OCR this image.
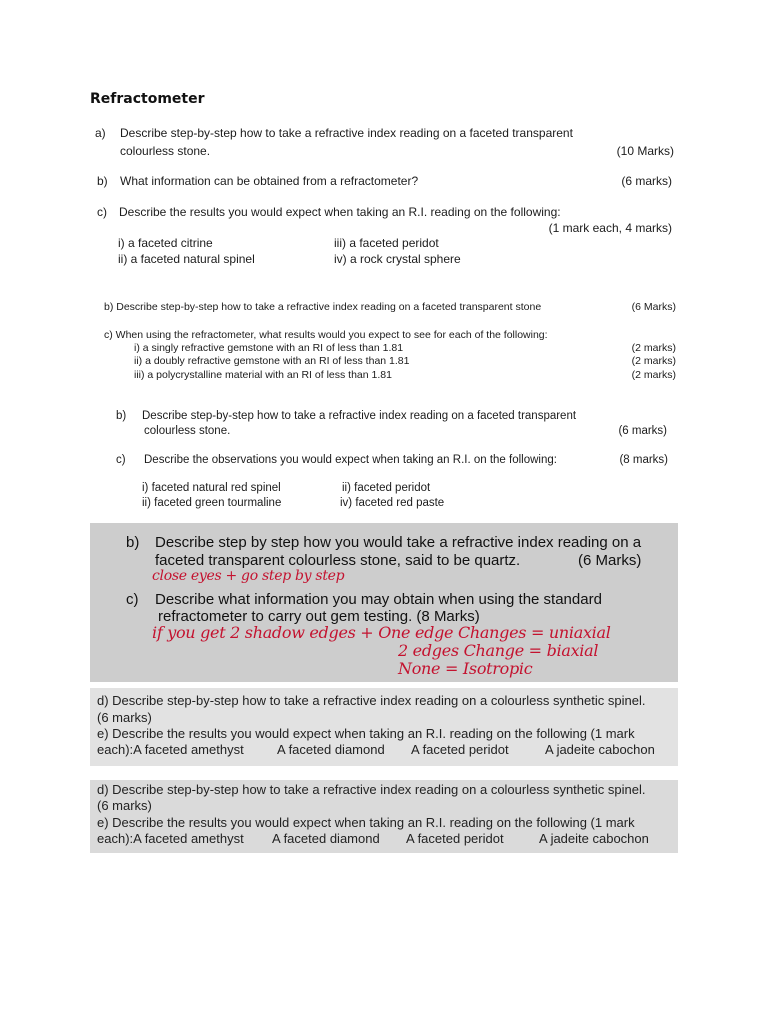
Refractometer
a) Describe step-by-step how to take a refractive index reading on a faceted transparent
colourless stone.	(10 Marks)
b) What information can be obtained from a refractometer?	(6 marks)
c) Describe the results you would expect when taking an R.I. reading on the following:
(1 mark each, 4 marks)
i) a faceted citrine
ii) a faceted natural spinel
iii) a faceted peridot
iv) a rock crystal sphere
b) Describe step-by-step how to take a refractive index reading on a faceted transparent stone	(6 Marks)
c) When using the refractometer, what results would you expect to see for each of the following:
i) a singly refractive gemstone with an RI of less than 1.81	(2 marks)
ii) a doubly refractive gemstone with an RI of less than 1.81	(2 marks)
iii) a polycrystalline material with an RI of less than 1.81	(2 marks)
b) Describe step-by-step how to take a refractive index reading on a faceted transparent
colourless stone.	(6 marks)
c) Describe the observations you would expect when taking an R.I. on the following:	(8 marks)
i) faceted natural red spinel
ii) faceted green tourmaline
ii) faceted peridot
iv) faceted red paste
b) Describe step by step how you would take a refractive index reading on a
faceted transparent colourless stone, said to be quartz.	(6 Marks)
close eyes + go step by step
c) Describe what information you may obtain when using the standard
refractometer to carry out gem testing. (8 Marks)
if you get 2 shadow edges + One edge Changes = uniaxial
2 edges Change = biaxial
None = Isotropic
d) Describe step-by-step how to take a refractive index reading on a colourless synthetic spinel.
(6 marks)
e) Describe the results you would expect when taking an R.I. reading on the following (1 mark
each):A faceted amethyst	A faceted diamond A faceted peridot	A jadeite cabochon
d) Describe step-by-step how to take a refractive index reading on a colourless synthetic spinel.
(6 marks)
e) Describe the results you would expect when taking an R.I. reading on the following (1 mark
each):A faceted amethyst A faceted diamond A faceted peridot	A jadeite cabochon
